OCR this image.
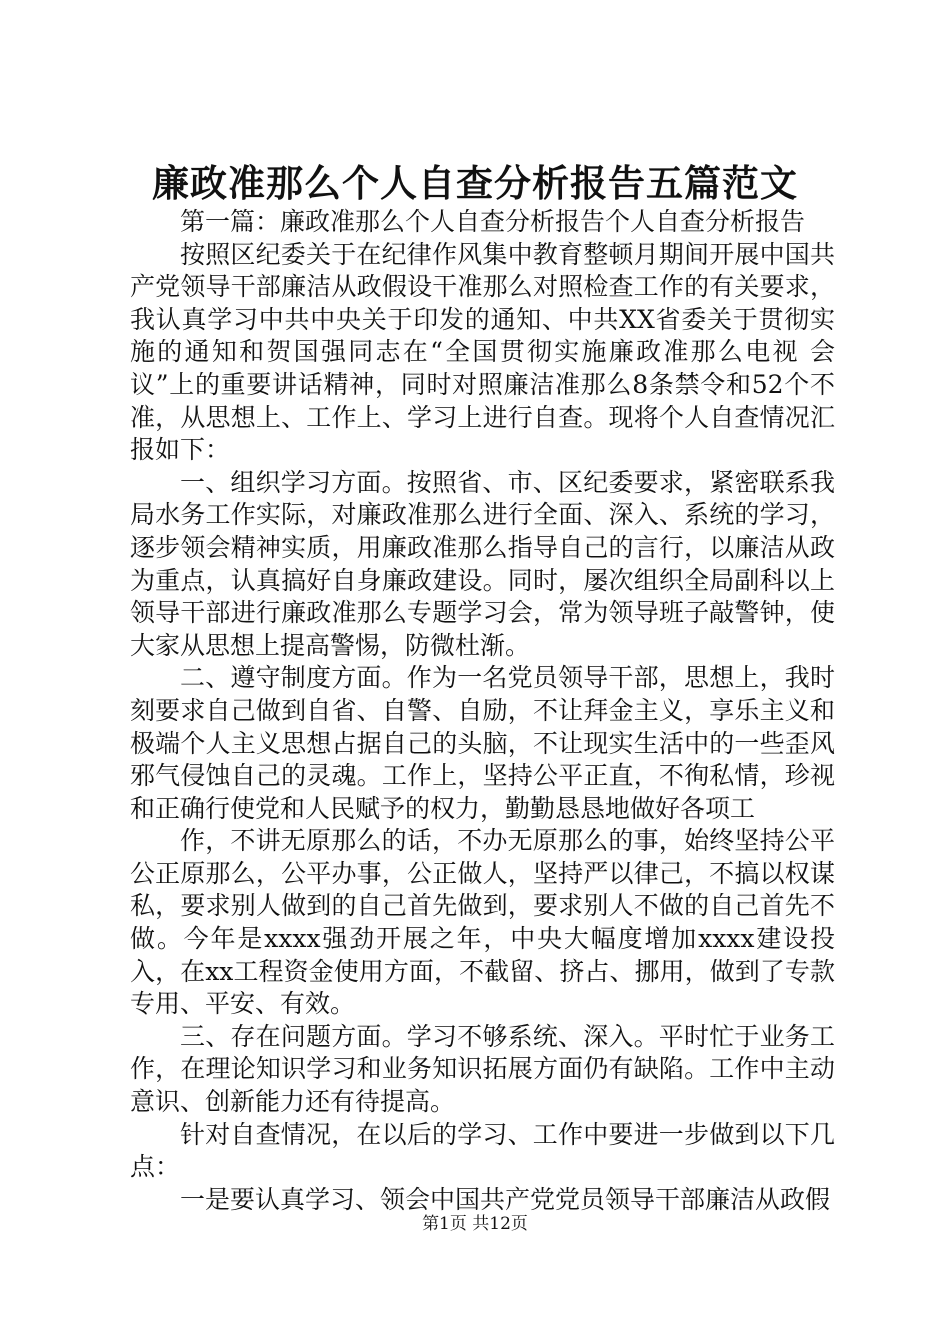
廉政准那么个人自查分析报告五篇范文

第一篇：廉政准那么个人自查分析报告个人自查分析报告

按照区纪委关于在纪律作风集中教育整顿月期间开展中国共产党领导干部廉洁从政假设干准那么对照检查工作的有关要求，我认真学习中共中央关于印发的通知、中共XX省委关于贯彻实施的通知和贺国强同志在“全国贯彻实施廉政准那么电视 会议”上的重要讲话精神，同时对照廉洁准那么8条禁令和52个不准，从思想上、工作上、学习上进行自查。现将个人自查情况汇报如下：

一、组织学习方面。按照省、市、区纪委要求，紧密联系我局水务工作实际，对廉政准那么进行全面、深入、系统的学习，逐步领会精神实质，用廉政准那么指导自己的言行，以廉洁从政为重点，认真搞好自身廉政建设。同时，屡次组织全局副科以上领导干部进行廉政准那么专题学习会，常为领导班子敲警钟，使大家从思想上提高警惕，防微杜渐。

二、遵守制度方面。作为一名党员领导干部，思想上，我时刻要求自己做到自省、自警、自励，不让拜金主义，享乐主义和极端个人主义思想占据自己的头脑，不让现实生活中的一些歪风邪气侵蚀自己的灵魂。工作上，坚持公平正直，不徇私情，珍视和正确行使党和人民赋予的权力，勤勤恳恳地做好各项工

作，不讲无原那么的话，不办无原那么的事，始终坚持公平公正原那么，公平办事，公正做人，坚持严以律己，不搞以权谋私，要求别人做到的自己首先做到，要求别人不做的自己首先不做。今年是xxxx强劲开展之年，中央大幅度增加xxxx建设投入，在xx工程资金使用方面，不截留、挤占、挪用，做到了专款专用、平安、有效。

三、存在问题方面。学习不够系统、深入。平时忙于业务工作，在理论知识学习和业务知识拓展方面仍有缺陷。工作中主动意识、创新能力还有待提高。

针对自查情况，在以后的学习、工作中要进一步做到以下几点：

一是要认真学习、领会中国共产党党员领导干部廉洁从政假

第1页 共12页
